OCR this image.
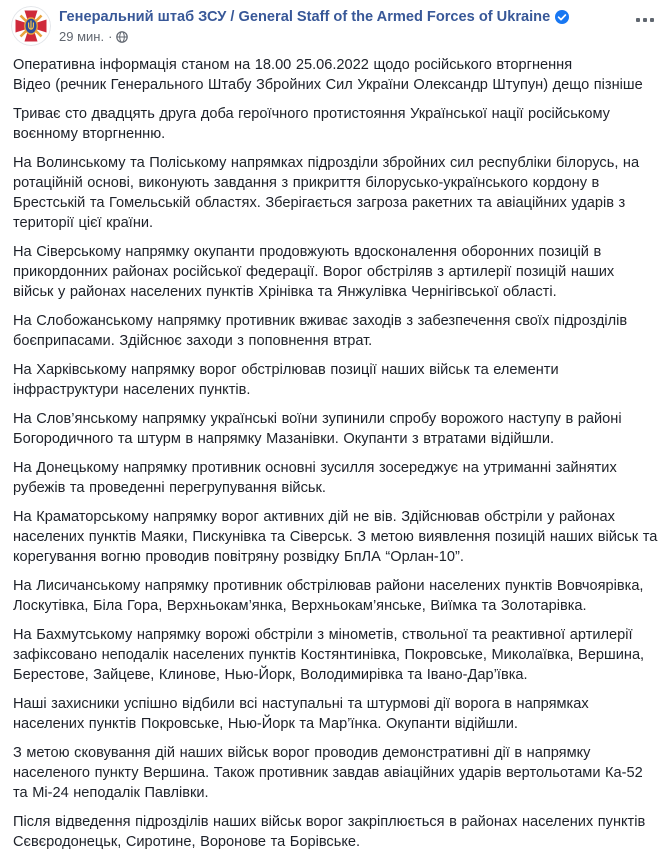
Генеральний штаб ЗСУ / General Staff of the Armed Forces of Ukraine
29 мин. ·

Оперативна інформація станом на 18.00 25.06.2022 щодо російського вторгнення
Відео (речник Генерального Штабу Збройних Сил України Олександр Штупун) дещо пізніше

Триває сто двадцять друга доба героїчного протистояння Української нації російському воєнному вторгненню.

На Волинському та Поліському напрямках підрозділи збройних сил республіки білорусь, на ротаційній основі, виконують завдання з прикриття білорусько-українського кордону в Брестській та Гомельській областях. Зберігається загроза ракетних та авіаційних ударів з території цієї країни.

На Сіверському напрямку окупанти продовжують вдосконалення оборонних позицій в прикордонних районах російської федерації. Ворог обстріляв з артилерії позицій наших військ у районах населених пунктів Хрінівка та Янжулівка Чернігівської області.

На Слобожанському напрямку противник вживає заходів з забезпечення своїх підрозділів боєприпасами. Здійснює заходи з поповнення втрат.

На Харківському напрямку ворог обстрілював позиції наших військ та елементи інфраструктури населених пунктів.

На Слов’янському напрямку українські воїни зупинили спробу ворожого наступу в районі Богородичного та штурм в напрямку Мазанівки. Окупанти з втратами відійшли.

На Донецькому напрямку противник основні зусилля зосереджує на утриманні зайнятих рубежів та проведенні перегрупування військ.

На Краматорському напрямку ворог активних дій не вів. Здійснював обстріли у районах населених пунктів Маяки, Пискунівка та Сіверськ. З метою виявлення позицій наших військ та корегування вогню проводив повітряну розвідку БпЛА “Орлан-10”.

На Лисичанському напрямку противник обстрілював райони населених пунктів Вовчоярівка, Лоскутівка, Біла Гора, Верхньокам’янка, Верхньокам’янське, Виїмка та Золотарівка.

На Бахмутському напрямку ворожі обстріли з мінометів, ствольної та реактивної артилерії зафіксовано неподалік населених пунктів Костянтинівка, Покровське, Миколаївка, Вершина, Берестове, Зайцеве, Клинове, Нью-Йорк, Володимирівка та Івано-Дар’ївка.

Наші захисники успішно відбили всі наступальні та штурмові дії ворога в напрямках населених пунктів Покровське, Нью-Йорк та Мар’їнка. Окупанти відійшли.

З метою сковування дій наших військ ворог проводив демонстративні дії в напрямку населеного пункту Вершина. Також противник завдав авіаційних ударів вертольотами Ка-52 та Мі-24 неподалік Павлівки.

Після відведення підрозділів наших військ ворог закріплюється в районах населених пунктів Сєвєродонецьк, Сиротине, Воронове та Борівське.
